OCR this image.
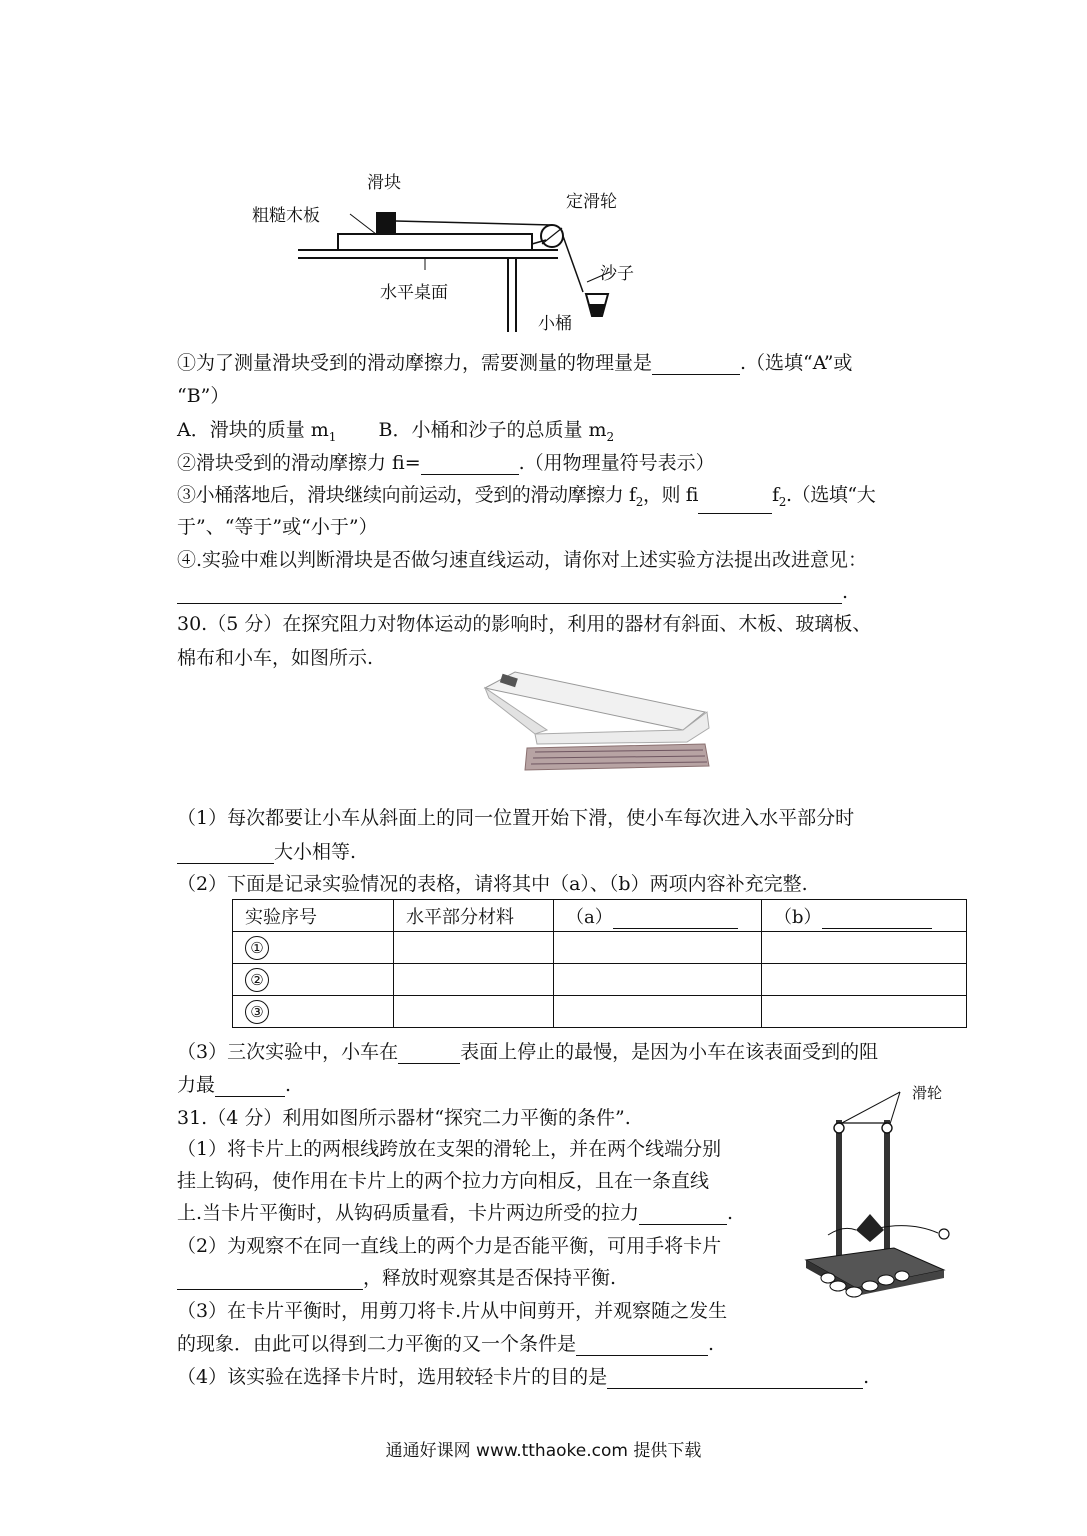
滑块
粗糙木板
定滑轮
沙子
水平桌面
小桶
①为了测量滑块受到的滑动摩擦力，需要测量的物理量是	.（选填“A”或
“B”）
A．滑块的质量 $m_1$ B．小桶和沙子的总质量 $m_2$
②滑块受到的滑动摩擦力 fi=	.（用物理量符号表示）
③小桶落地后，滑块继续向前运动，受到的滑动摩擦力 $f_2$，则 fi	$f_2$.（选填“大
于”、“等于”或“小于”）
④.实验中难以判断滑块是否做匀速直线运动，请你对上述实验方法提出改进意见：
.
30.（5 分）在探究阻力对物体运动的影响时，利用的器材有斜面、木板、玻璃板、
棉布和小车，如图所示.
（1）每次都要让小车从斜面上的同一位置开始下滑，使小车每次进入水平部分时
大小相等.
（2）下面是记录实验情况的表格，请将其中（a）、（b）两项内容补充完整.
实验序号	水平部分材料	（a）	（b）
①			
②			
③			
（3）三次实验中，小车在	表面上停止的最慢，是因为小车在该表面受到的阻
力最	.
31.（4 分）利用如图所示器材“探究二力平衡的条件”.
（1）将卡片上的两根线跨放在支架的滑轮上，并在两个线端分别
挂上钩码，使作用在卡片上的两个拉力方向相反，且在一条直线
上.当卡片平衡时，从钩码质量看，卡片两边所受的拉力	.
（2）为观察不在同一直线上的两个力是否能平衡，可用手将卡片
，释放时观察其是否保持平衡.
（3）在卡片平衡时，用剪刀将卡.片从中间剪开，并观察随之发生
的现象．由此可以得到二力平衡的又一个条件是	.
（4）该实验在选择卡片时，选用较轻卡片的目的是	.
滑轮
通通好课网 www.tthaoke.com 提供下载
